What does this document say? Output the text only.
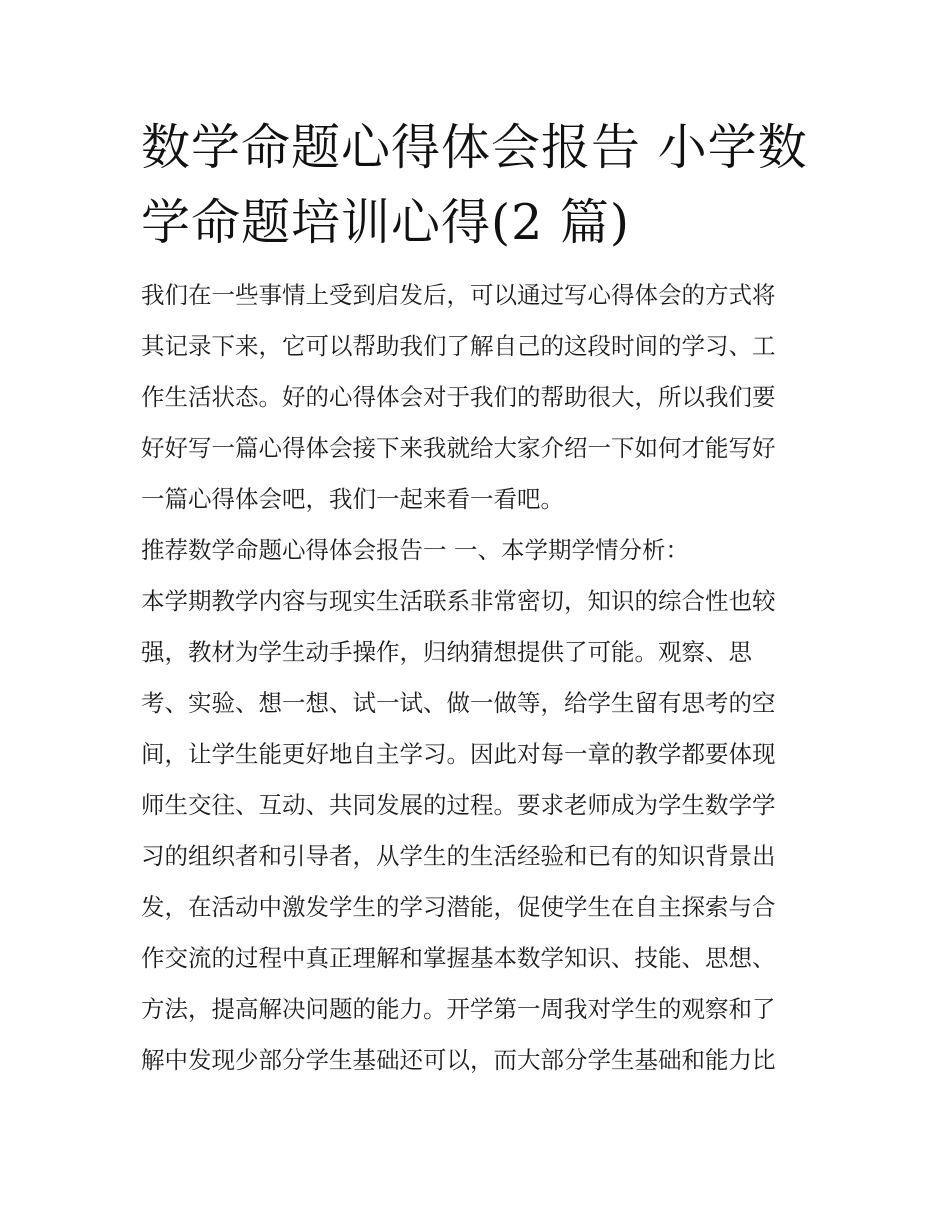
数学命题心得体会报告 小学数
学命题培训心得(2 篇)
我们在一些事情上受到启发后，可以通过写心得体会的方式将
其记录下来，它可以帮助我们了解自己的这段时间的学习、工
作生活状态。好的心得体会对于我们的帮助很大，所以我们要
好好写一篇心得体会接下来我就给大家介绍一下如何才能写好
一篇心得体会吧，我们一起来看一看吧。
推荐数学命题心得体会报告一 一、本学期学情分析：
本学期教学内容与现实生活联系非常密切，知识的综合性也较
强，教材为学生动手操作，归纳猜想提供了可能。观察、思
考、实验、想一想、试一试、做一做等，给学生留有思考的空
间，让学生能更好地自主学习。因此对每一章的教学都要体现
师生交往、互动、共同发展的过程。要求老师成为学生数学学
习的组织者和引导者，从学生的生活经验和已有的知识背景出
发，在活动中激发学生的学习潜能，促使学生在自主探索与合
作交流的过程中真正理解和掌握基本数学知识、技能、思想、
方法，提高解决问题的能力。开学第一周我对学生的观察和了
解中发现少部分学生基础还可以，而大部分学生基础和能力比
